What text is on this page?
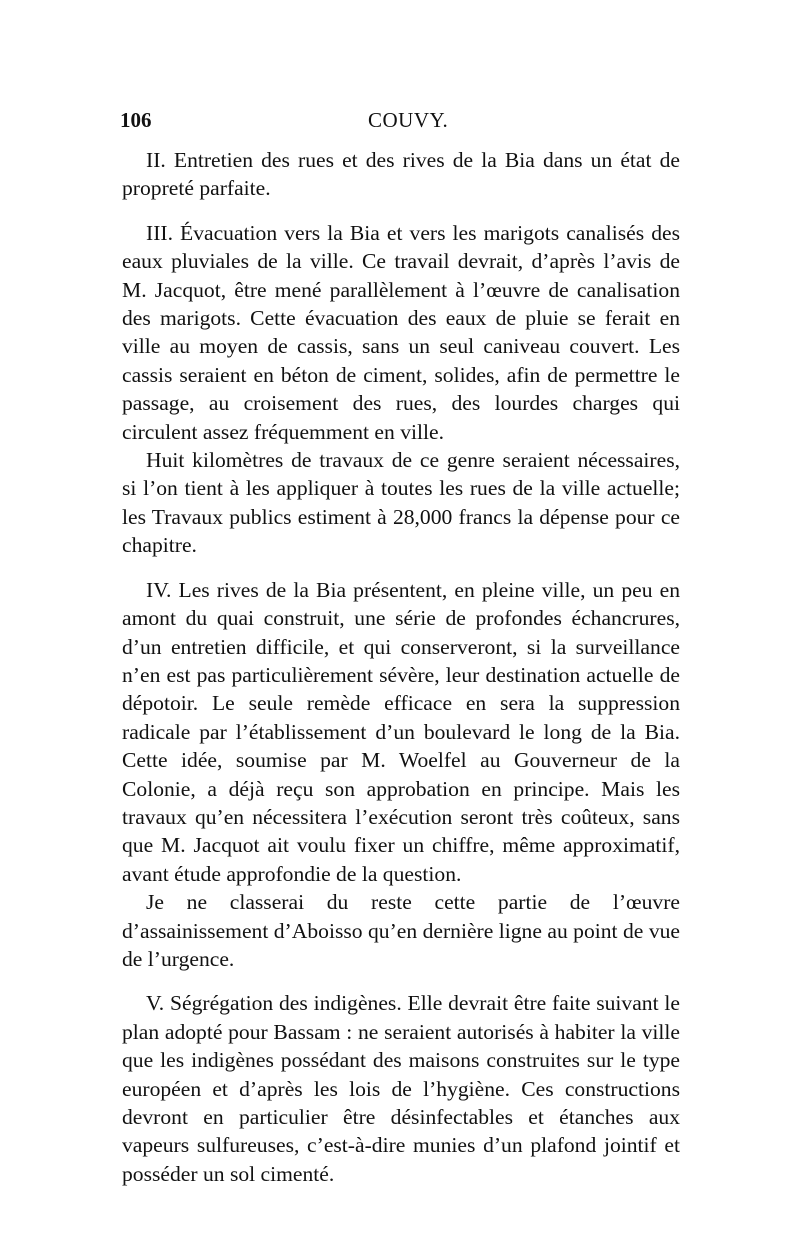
106	COUVY.

II. Entretien des rues et des rives de la Bia dans un état de propreté parfaite.

III. Évacuation vers la Bia et vers les marigots canalisés des eaux pluviales de la ville. Ce travail devrait, d’après l’avis de M. Jacquot, être mené parallèlement à l’œuvre de canalisation des marigots. Cette évacuation des eaux de pluie se ferait en ville au moyen de cassis, sans un seul caniveau couvert. Les cassis seraient en béton de ciment, solides, afin de permettre le passage, au croisement des rues, des lourdes charges qui circulent assez fréquemment en ville.

Huit kilomètres de travaux de ce genre seraient nécessaires, si l’on tient à les appliquer à toutes les rues de la ville actuelle; les Travaux publics estiment à 28,000 francs la dépense pour ce chapitre.

IV. Les rives de la Bia présentent, en pleine ville, un peu en amont du quai construit, une série de profondes échancrures, d’un entretien difficile, et qui conserveront, si la surveillance n’en est pas particulièrement sévère, leur destination actuelle de dépotoir. Le seule remède efficace en sera la suppression radicale par l’établissement d’un boulevard le long de la Bia. Cette idée, soumise par M. Woelfel au Gouverneur de la Colonie, a déjà reçu son approbation en principe. Mais les travaux qu’en nécessitera l’exécution seront très coûteux, sans que M. Jacquot ait voulu fixer un chiffre, même approximatif, avant étude approfondie de la question.

Je ne classerai du reste cette partie de l’œuvre d’assainissement d’Aboisso qu’en dernière ligne au point de vue de l’urgence.

V. Ségrégation des indigènes. Elle devrait être faite suivant le plan adopté pour Bassam : ne seraient autorisés à habiter la ville que les indigènes possédant des maisons construites sur le type européen et d’après les lois de l’hygiène. Ces constructions devront en particulier être désinfectables et étanches aux vapeurs sulfureuses, c’est-à-dire munies d’un plafond jointif et posséder un sol cimenté.
